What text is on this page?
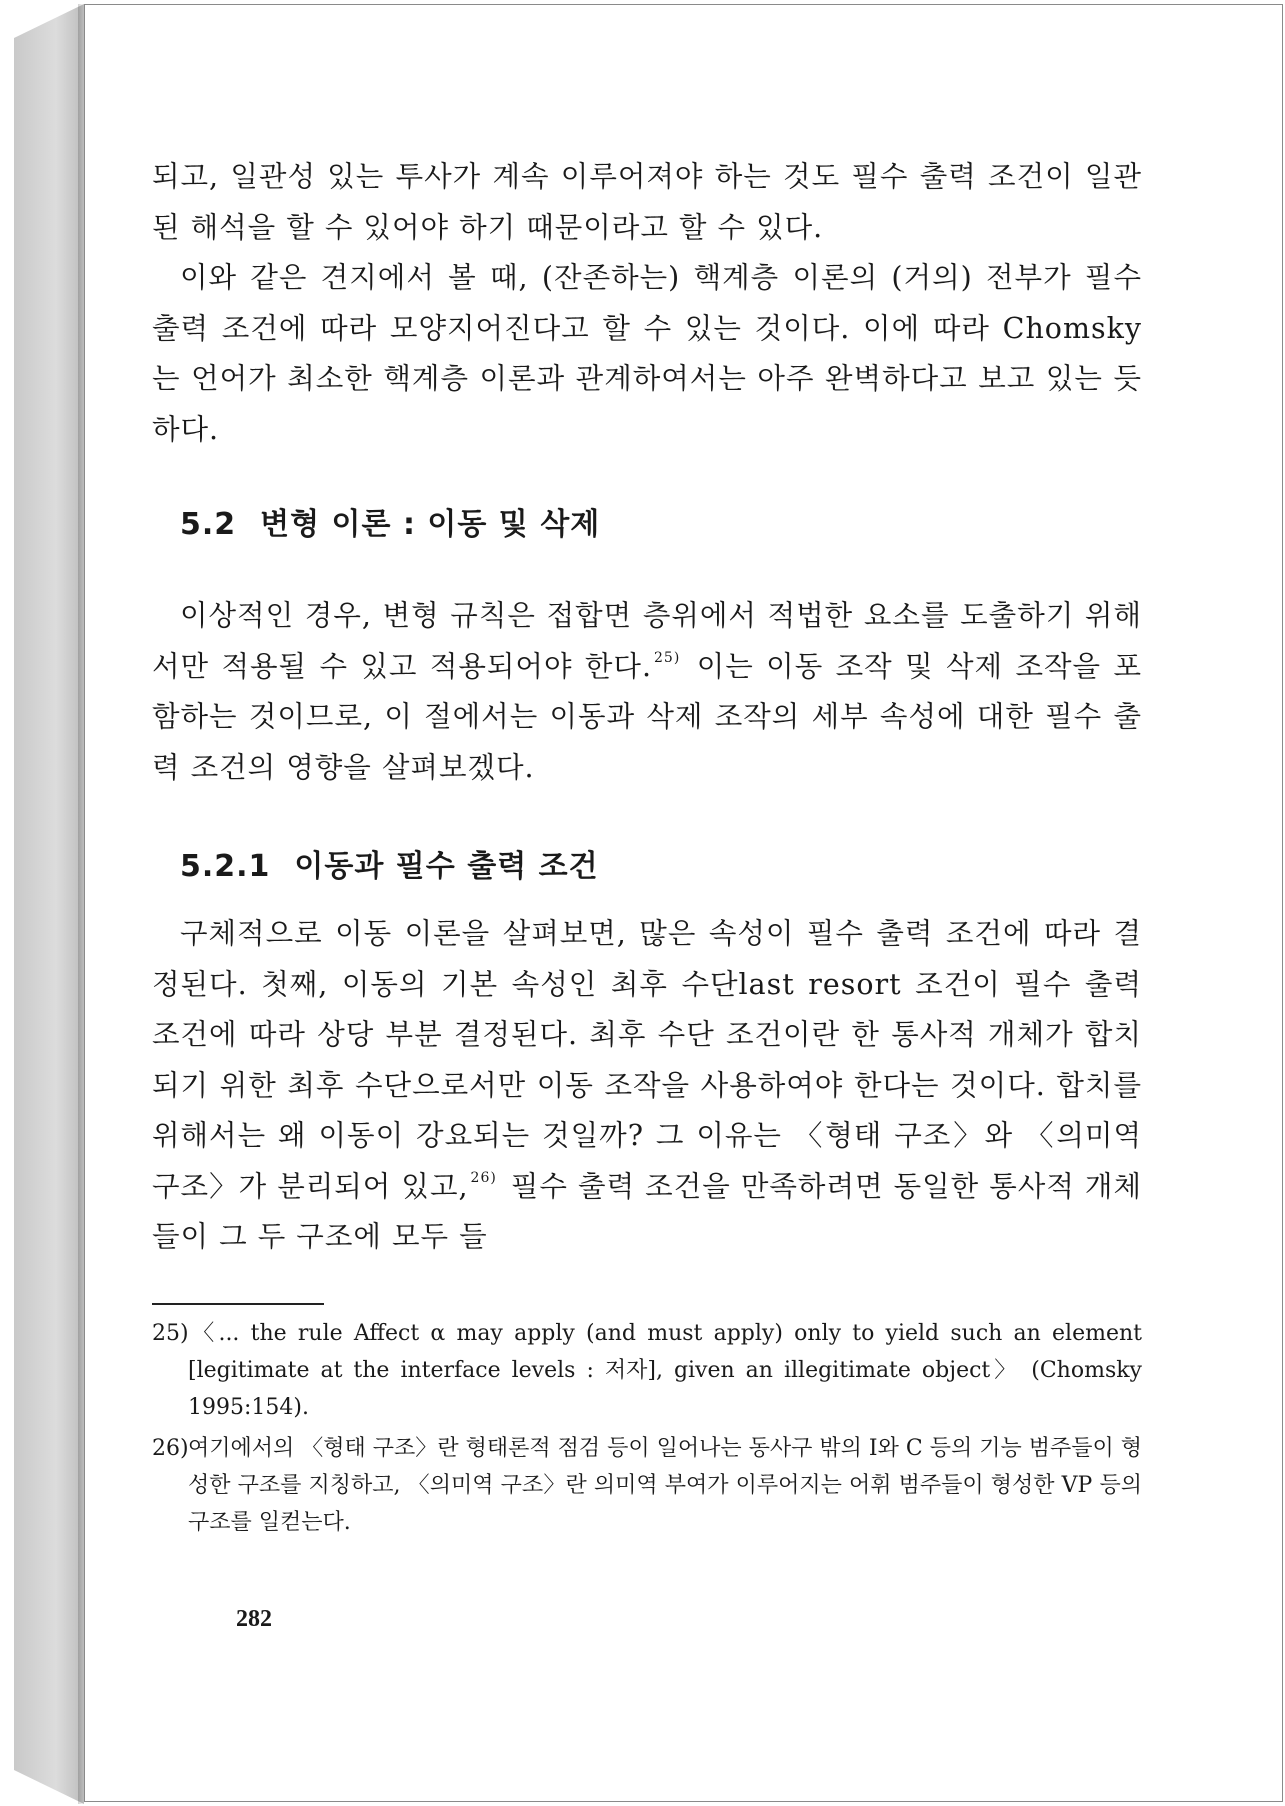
되고, 일관성 있는 투사가 계속 이루어져야 하는 것도 필수 출력 조건이 일관된 해석을 할 수 있어야 하기 때문이라고 할 수 있다.

이와 같은 견지에서 볼 때, (잔존하는) 핵계층 이론의 (거의) 전부가 필수 출력 조건에 따라 모양지어진다고 할 수 있는 것이다. 이에 따라 Chomsky는 언어가 최소한 핵계층 이론과 관계하여서는 아주 완벽하다고 보고 있는 듯하다.

5.2 변형 이론 : 이동 및 삭제

이상적인 경우, 변형 규칙은 접합면 층위에서 적법한 요소를 도출하기 위해서만 적용될 수 있고 적용되어야 한다. $^{25)}$ 이는 이동 조작 및 삭제 조작을 포함하는 것이므로, 이 절에서는 이동과 삭제 조작의 세부 속성에 대한 필수 출력 조건의 영향을 살펴보겠다.

5.2.1 이동과 필수 출력 조건

구체적으로 이동 이론을 살펴보면, 많은 속성이 필수 출력 조건에 따라 결정된다. 첫째, 이동의 기본 속성인 최후 수단last resort 조건이 필수 출력 조건에 따라 상당 부분 결정된다. 최후 수단 조건이란 한 통사적 개체가 합치되기 위한 최후 수단으로서만 이동 조작을 사용하여야 한다는 것이다. 합치를 위해서는 왜 이동이 강요되는 것일까? 그 이유는 〈형태 구조〉와 〈의미역 구조〉가 분리되어 있고, $^{26)}$ 필수 출력 조건을 만족하려면 동일한 통사적 개체들이 그 두 구조에 모두 들

25)〈... the rule Affect α may apply (and must apply) only to yield such an element [legitimate at the interface levels : 저자], given an illegitimate object〉 (Chomsky 1995:154).

26)여기에서의 〈형태 구조〉란 형태론적 점검 등이 일어나는 동사구 밖의 I와 C 등의 기능 범주들이 형성한 구조를 지칭하고, 〈의미역 구조〉란 의미역 부여가 이루어지는 어휘 범주들이 형성한 VP 등의 구조를 일컫는다.

282
